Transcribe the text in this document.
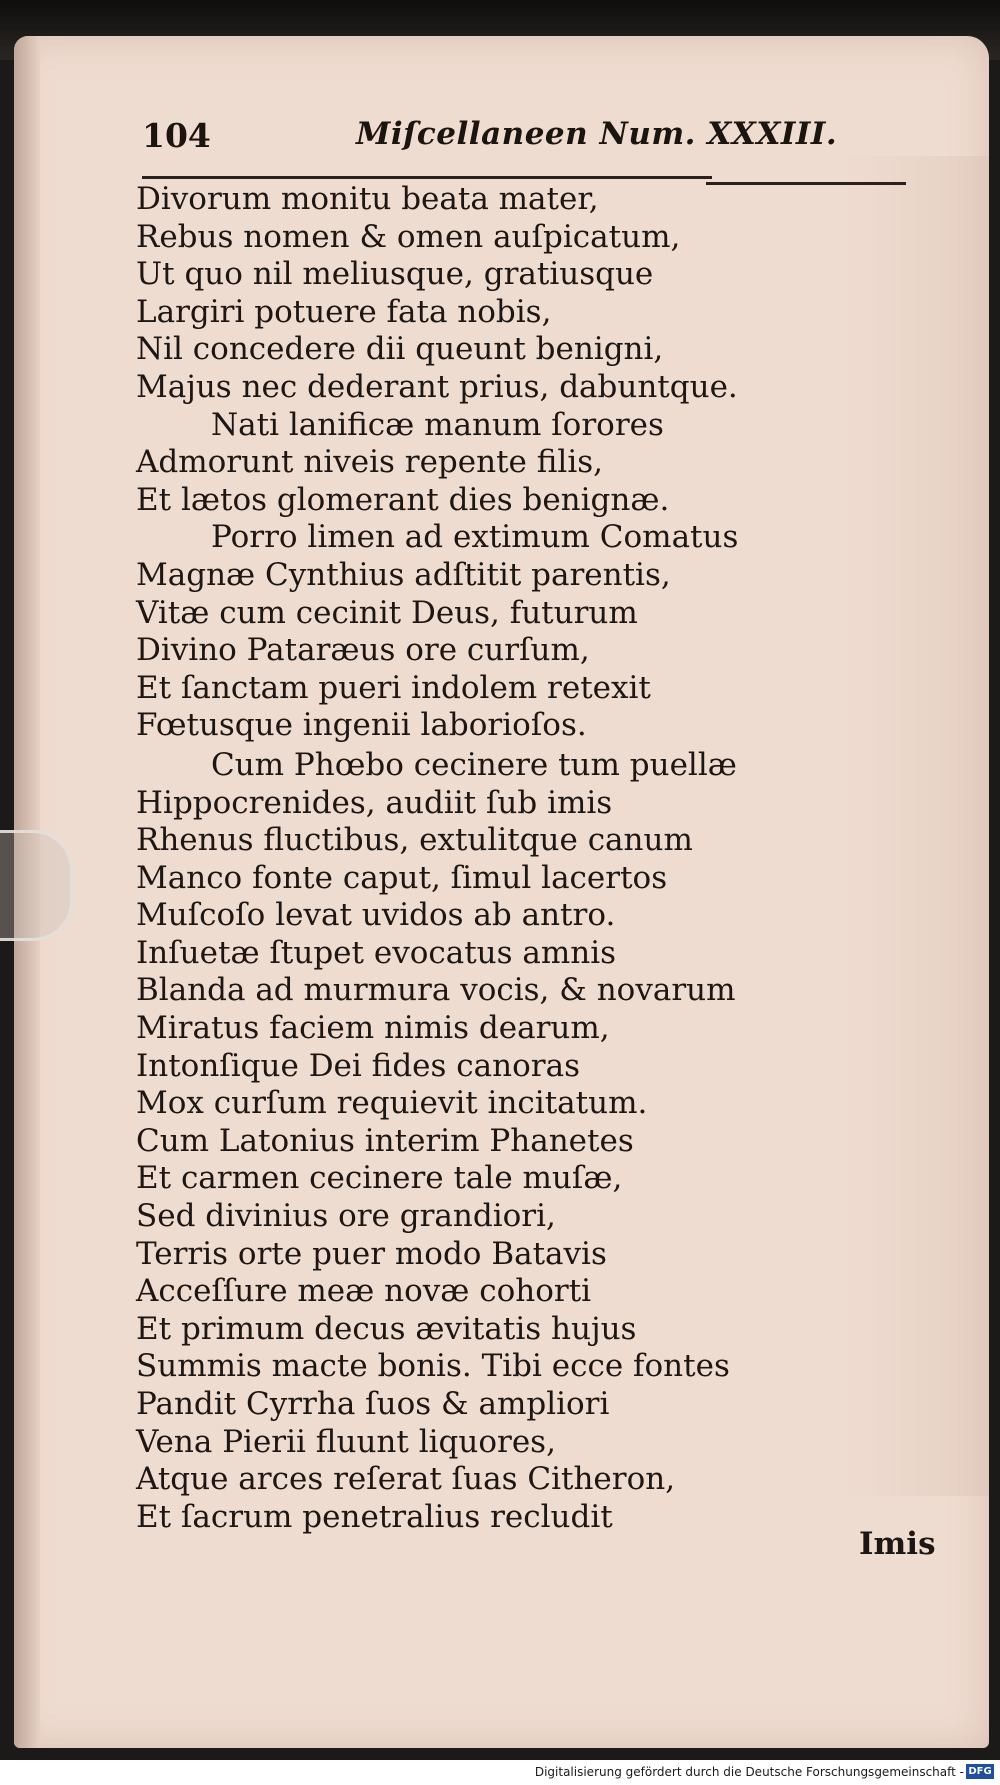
104	Miſcellaneen Num. XXXIII.
Divorum monitu beata mater,
Rebus nomen & omen auſpicatum,
Ut quo nil meliusque, gratiusque
Largiri potuere fata nobis,
Nil concedere dii queunt benigni,
Majus nec dederant prius, dabuntque.
Nati lanificæ manum ſorores
Admorunt niveis repente filis,
Et lætos glomerant dies benignæ.
Porro limen ad extimum Comatus
Magnæ Cynthius adſtitit parentis,
Vitæ cum cecinit Deus, futurum
Divino Pataræus ore curſum,
Et ſanctam pueri indolem retexit
Fœtusque ingenii laborioſos.
Cum Phœbo cecinere tum puellæ
Hippocrenides, audiit ſub imis
Rhenus fluctibus, extulitque canum
Manco fonte caput, ſimul lacertos
Muſcoſo levat uvidos ab antro.
Inſuetæ ſtupet evocatus amnis
Blanda ad murmura vocis, & novarum
Miratus faciem nimis dearum,
Intonſique Dei fides canoras
Mox curſum requievit incitatum.
Cum Latonius interim Phanetes
Et carmen cecinere tale muſæ,
Sed divinius ore grandiori,
Terris orte puer modo Batavis
Acceſſure meæ novæ cohorti
Et primum decus ævitatis hujus
Summis macte bonis. Tibi ecce fontes
Pandit Cyrrha ſuos & ampliori
Vena Pierii fluunt liquores,
Atque arces reſerat ſuas Citheron,
Et ſacrum penetralius recludit
Imis
Digitalisierung gefördert durch die Deutsche Forschungsgemeinschaft - DFG
